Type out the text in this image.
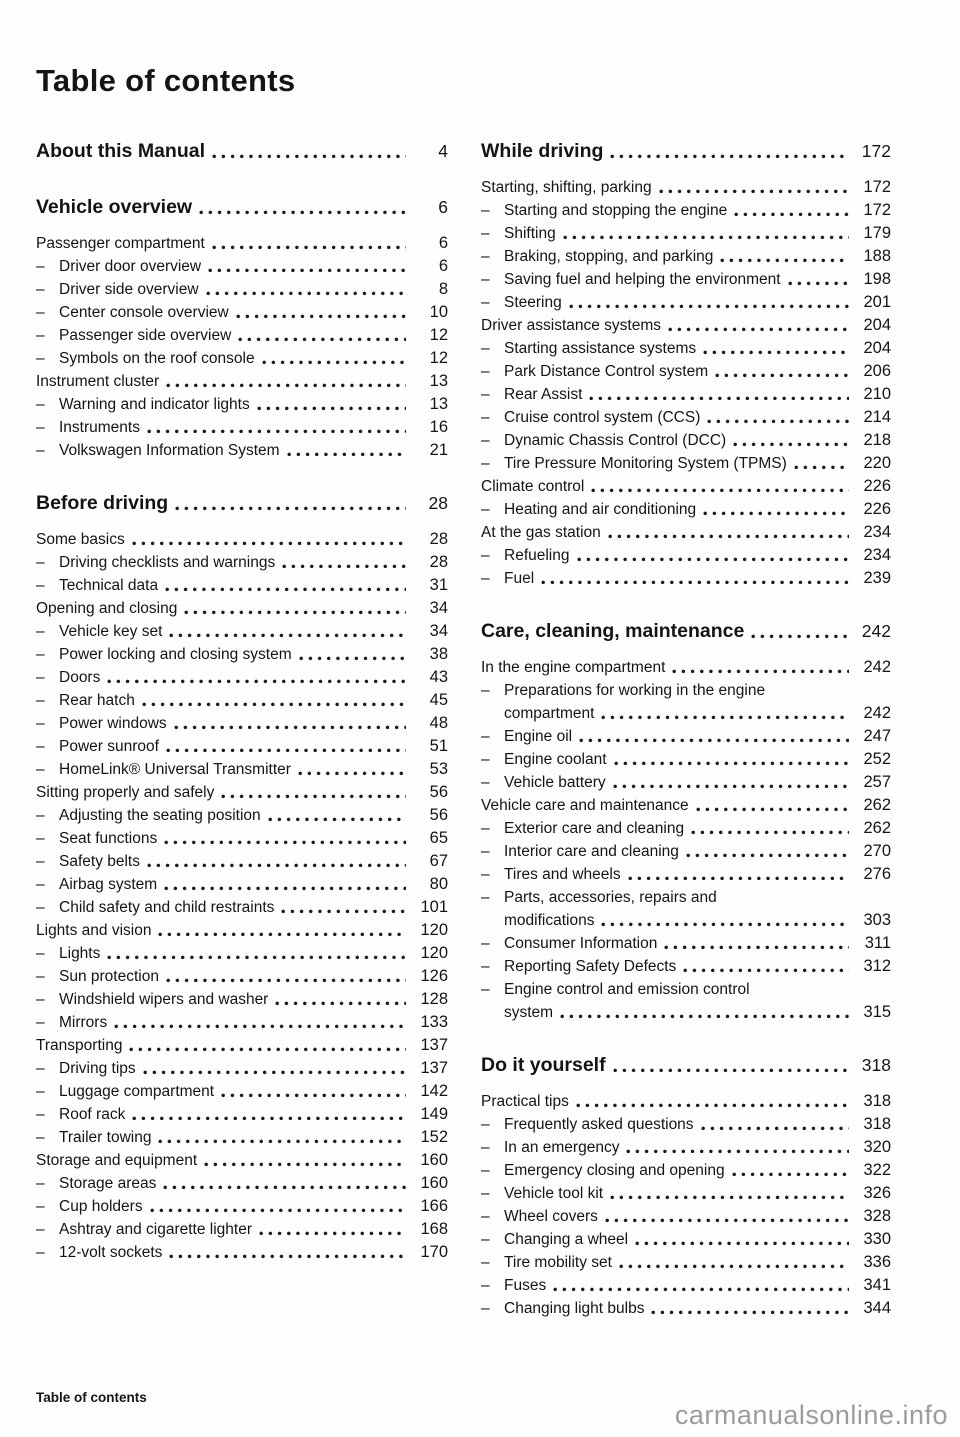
Table of contents
About this Manual	4
Vehicle overview	6
Passenger compartment	6
– Driver door overview	6
– Driver side overview	8
– Center console overview	10
– Passenger side overview	12
– Symbols on the roof console	12
Instrument cluster	13
– Warning and indicator lights	13
– Instruments	16
– Volkswagen Information System	21
Before driving	28
Some basics	28
– Driving checklists and warnings	28
– Technical data	31
Opening and closing	34
– Vehicle key set	34
– Power locking and closing system	38
– Doors	43
– Rear hatch	45
– Power windows	48
– Power sunroof	51
– HomeLink® Universal Transmitter	53
Sitting properly and safely	56
– Adjusting the seating position	56
– Seat functions	65
– Safety belts	67
– Airbag system	80
– Child safety and child restraints	101
Lights and vision	120
– Lights	120
– Sun protection	126
– Windshield wipers and washer	128
– Mirrors	133
Transporting	137
– Driving tips	137
– Luggage compartment	142
– Roof rack	149
– Trailer towing	152
Storage and equipment	160
– Storage areas	160
– Cup holders	166
– Ashtray and cigarette lighter	168
– 12-volt sockets	170
While driving	172
Starting, shifting, parking	172
– Starting and stopping the engine	172
– Shifting	179
– Braking, stopping, and parking	188
– Saving fuel and helping the environment	198
– Steering	201
Driver assistance systems	204
– Starting assistance systems	204
– Park Distance Control system	206
– Rear Assist	210
– Cruise control system (CCS)	214
– Dynamic Chassis Control (DCC)	218
– Tire Pressure Monitoring System (TPMS)	220
Climate control	226
– Heating and air conditioning	226
At the gas station	234
– Refueling	234
– Fuel	239
Care, cleaning, maintenance	242
In the engine compartment	242
– Preparations for working in the engine
compartment	242
– Engine oil	247
– Engine coolant	252
– Vehicle battery	257
Vehicle care and maintenance	262
– Exterior care and cleaning	262
– Interior care and cleaning	270
– Tires and wheels	276
– Parts, accessories, repairs and
modifications	303
– Consumer Information	311
– Reporting Safety Defects	312
– Engine control and emission control
system	315
Do it yourself	318
Practical tips	318
– Frequently asked questions	318
– In an emergency	320
– Emergency closing and opening	322
– Vehicle tool kit	326
– Wheel covers	328
– Changing a wheel	330
– Tire mobility set	336
– Fuses	341
– Changing light bulbs	344
Table of contents
carmanualsonline.info
